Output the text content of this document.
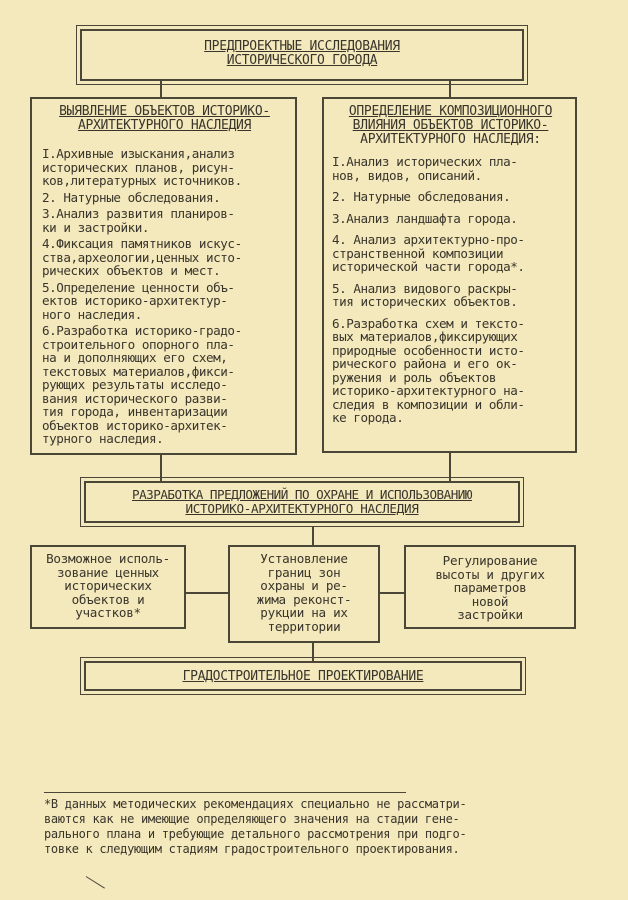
ПРЕДПРОЕКТНЫЕ ИССЛЕДОВАНИЯ
ИСТОРИЧЕСКОГО ГОРОДА
ВЫЯВЛЕНИЕ ОБЪЕКТОВ ИСТОРИКО-
АРХИТЕКТУРНОГО НАСЛЕДИЯ
I.Архивные изыскания,анализ
исторических планов, рисун-
ков,литературных источников.
2. Натурные обследования.
3.Анализ развития планиров-
ки и застройки.
4.Фиксация памятников искус-
ства,археологии,ценных исто-
рических объектов и мест.
5.Определение ценности объ-
ектов историко-архитектур-
ного наследия.
6.Разработка историко-градо-
строительного опорного пла-
на и дополняющих его схем,
текстовых материалов,фикси-
рующих результаты исследо-
вания исторического разви-
тия города, инвентаризации
объектов историко-архитек-
турного наследия.
ОПРЕДЕЛЕНИЕ КОМПОЗИЦИОННОГО
ВЛИЯНИЯ ОБЪЕКТОВ ИСТОРИКО-
АРХИТЕКТУРНОГО НАСЛЕДИЯ:
I.Анализ исторических пла-
нов, видов, описаний.
2. Натурные обследования.
3.Анализ ландшафта города.
4. Анализ архитектурно-про-
странственной композиции
исторической части города*.
5. Анализ видового раскры-
тия исторических объектов.
6.Разработка схем и тексто-
вых материалов,фиксирующих
природные особенности исто-
рического района и его ок-
ружения и роль объектов
историко-архитектурного на-
следия в композиции и обли-
ке города.
РАЗРАБОТКА ПРЕДЛОЖЕНИЙ ПО ОХРАНЕ И ИСПОЛЬЗОВАНИЮ
ИСТОРИКО-АРХИТЕКТУРНОГО НАСЛЕДИЯ
Возможное исполь-
зование ценных
исторических
объектов и
участков*
Установление
границ зон
охраны и ре-
жима реконст-
рукции на их
территории
Регулирование
высоты и других
параметров
новой
застройки
ГРАДОСТРОИТЕЛЬНОЕ ПРОЕКТИРОВАНИЕ
*В данных методических рекомендациях специально не рассматри-
ваются как не имеющие определяющего значения на стадии гене-
рального плана и требующие детального рассмотрения при подго-
товке к следующим стадиям градостроительного проектирования.
